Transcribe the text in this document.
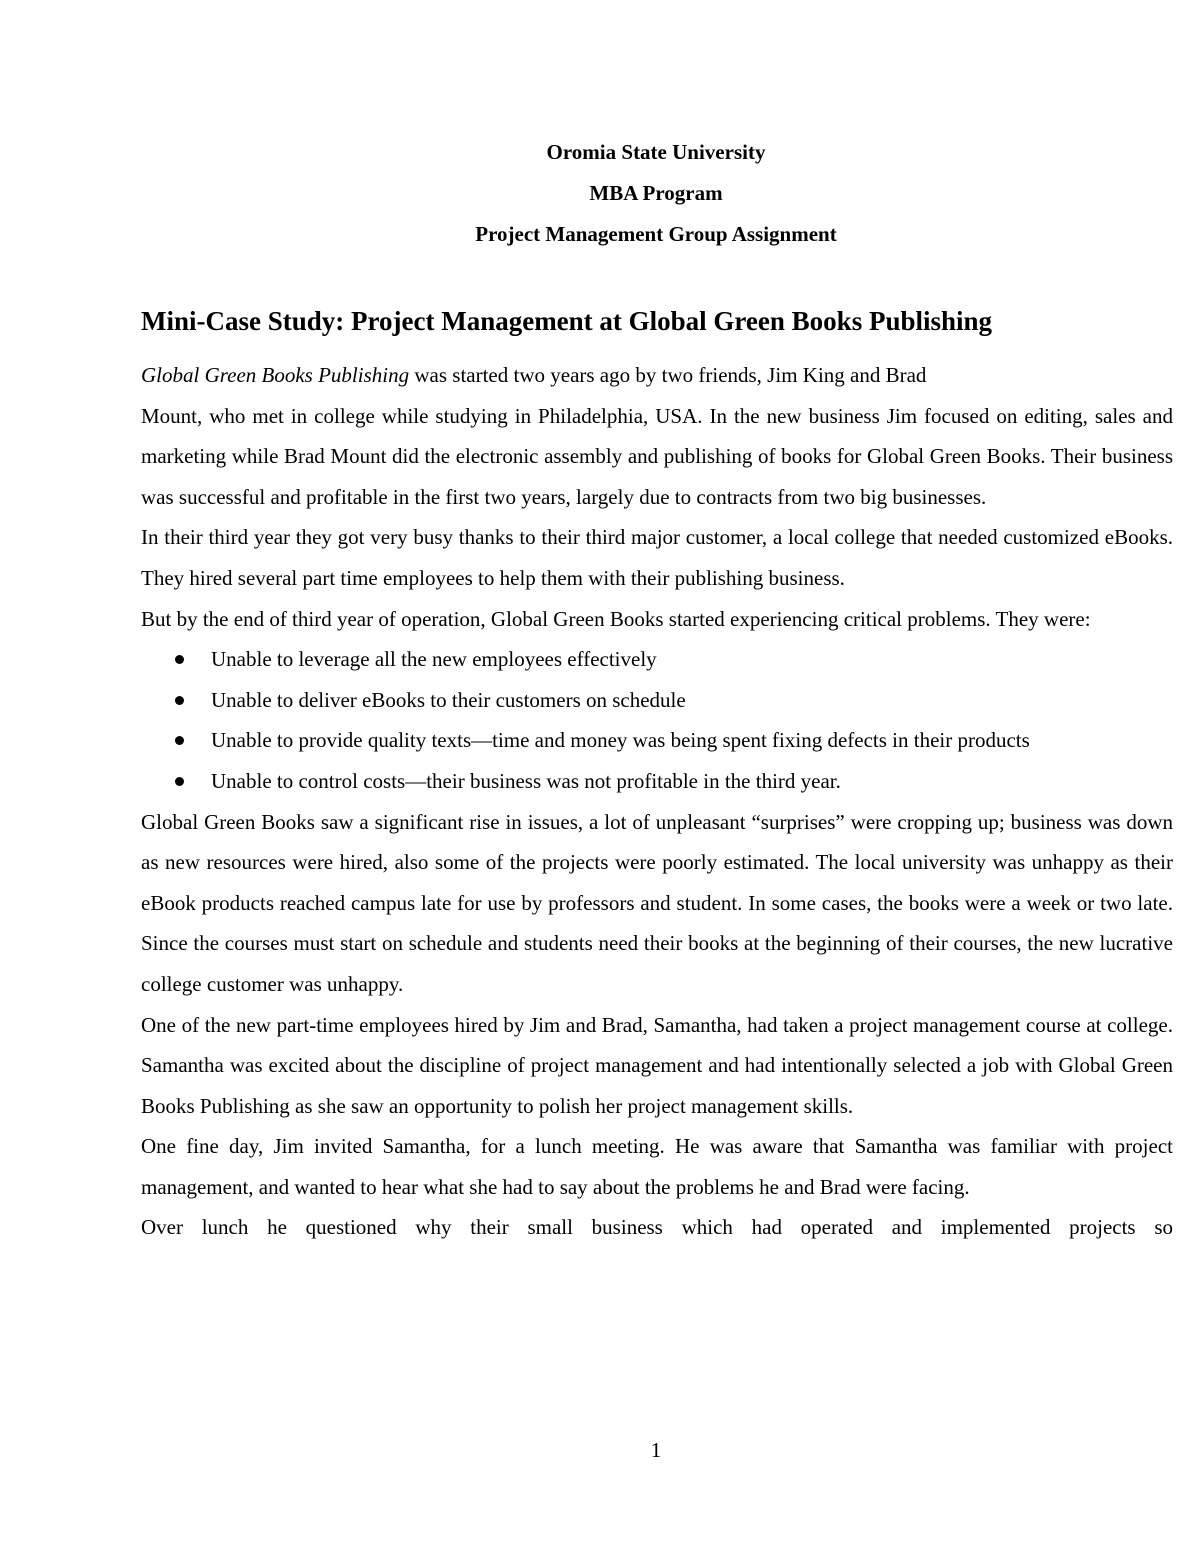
Oromia State University
MBA Program
Project Management Group Assignment
Mini-Case Study: Project Management at Global Green Books Publishing

Global Green Books Publishing was started two years ago by two friends, Jim King and Brad

Mount, who met in college while studying in Philadelphia, USA. In the new business Jim focused on editing, sales and marketing while Brad Mount did the electronic assembly and publishing of books for Global Green Books. Their business was successful and profitable in the first two years, largely due to contracts from two big businesses.

In their third year they got very busy thanks to their third major customer, a local college that needed customized eBooks. They hired several part time employees to help them with their publishing business.

But by the end of third year of operation, Global Green Books started experiencing critical problems. They were:

Unable to leverage all the new employees effectively
Unable to deliver eBooks to their customers on schedule
Unable to provide quality texts—time and money was being spent fixing defects in their products
Unable to control costs—their business was not profitable in the third year.

Global Green Books saw a significant rise in issues, a lot of unpleasant “surprises” were cropping up; business was down as new resources were hired, also some of the projects were poorly estimated. The local university was unhappy as their eBook products reached campus late for use by professors and student. In some cases, the books were a week or two late. Since the courses must start on schedule and students need their books at the beginning of their courses, the new lucrative college customer was unhappy.

One of the new part-time employees hired by Jim and Brad, Samantha, had taken a project management course at college. Samantha was excited about the discipline of project management and had intentionally selected a job with Global Green Books Publishing as she saw an opportunity to polish her project management skills.

One fine day, Jim invited Samantha, for a lunch meeting. He was aware that Samantha was familiar with project management, and wanted to hear what she had to say about the problems he and Brad were facing.

Over lunch he questioned why their small business which had operated and implemented projects so

1
